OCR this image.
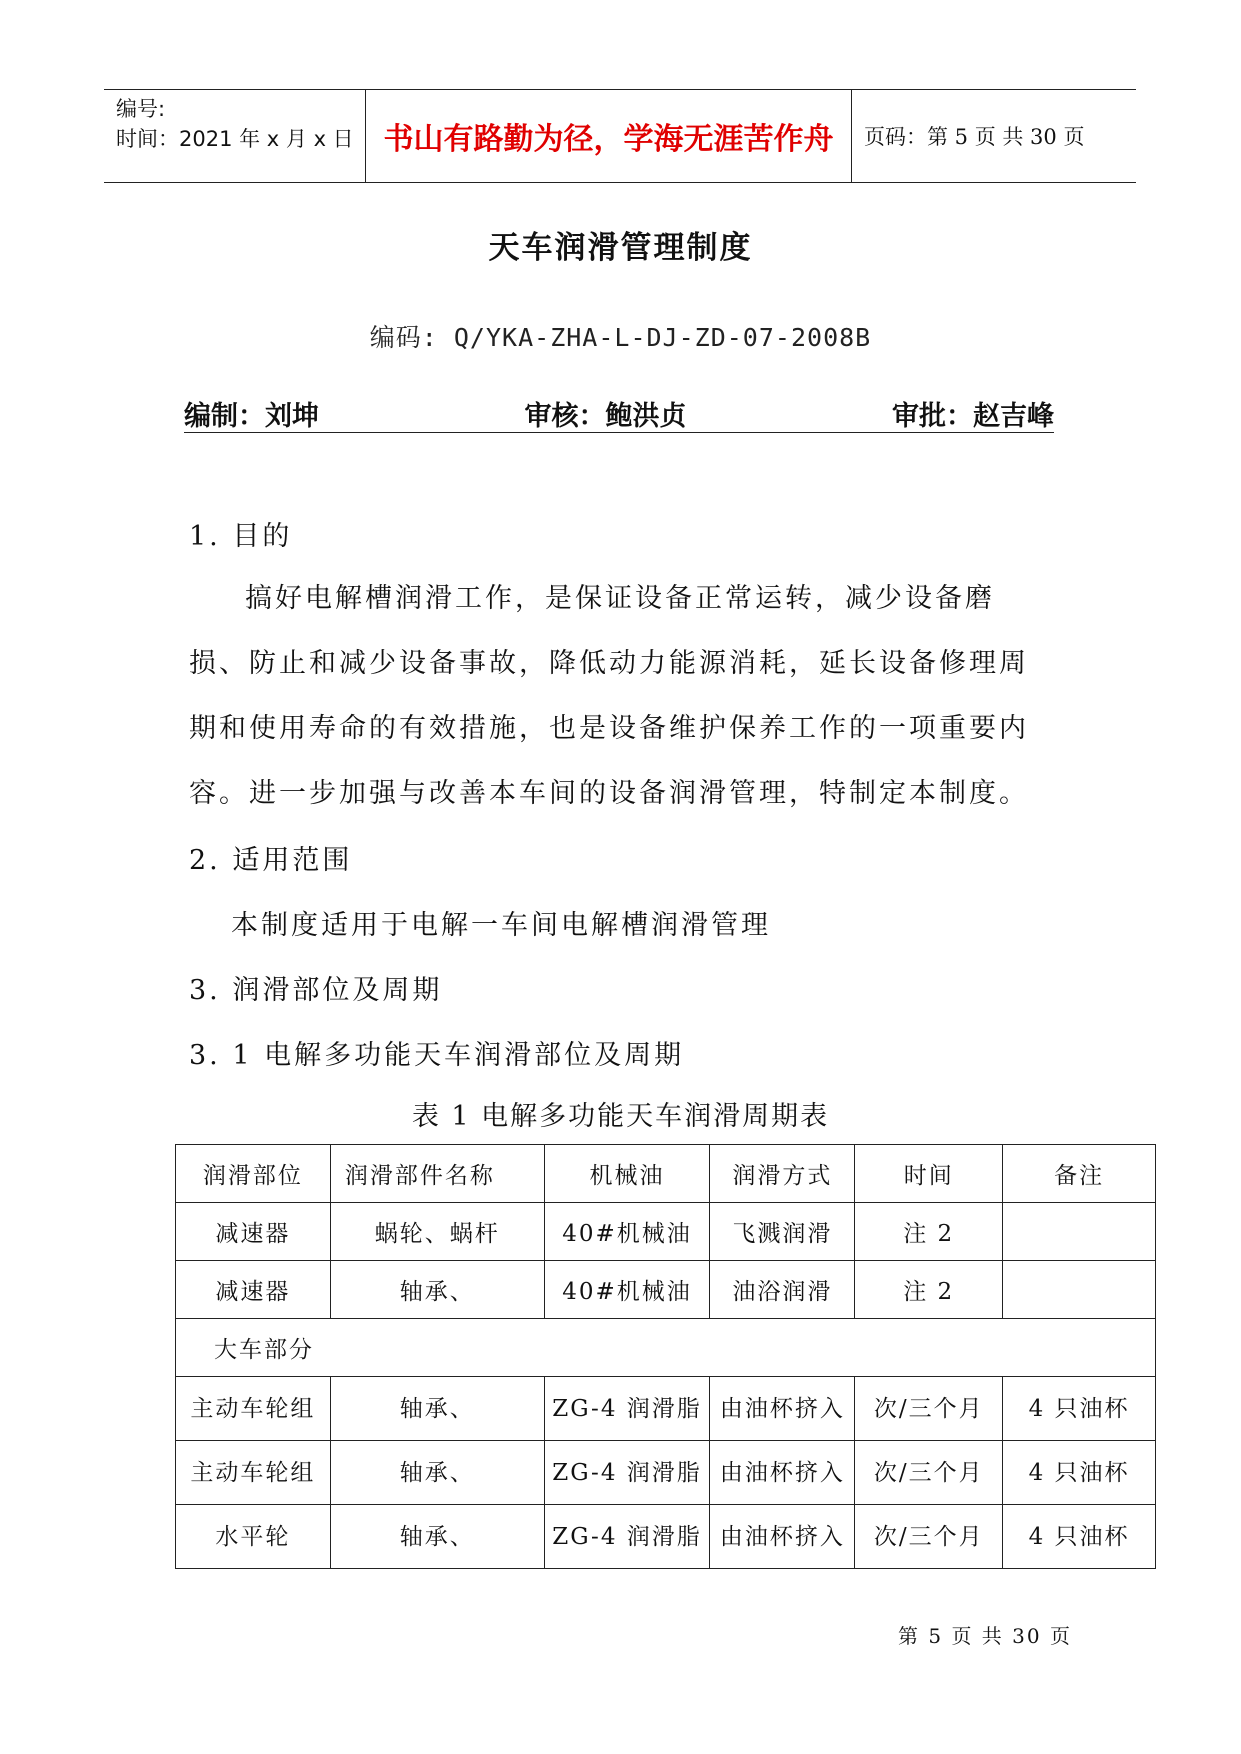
编号:
时间：2021 年 x 月 x 日 书山有路勤为径，学海无涯苦作舟	页码：第 5 页 共 30 页
天车润滑管理制度
编码: Q/YKA-ZHA-L-DJ-ZD-07-2008B
编制：刘坤	审核：鲍洪贞	审批：赵吉峰
1. 目的
搞好电解槽润滑工作，是保证设备正常运转，减少设备磨损、防止和减少设备事故，降低动力能源消耗，延长设备修理周期和使用寿命的有效措施，也是设备维护保养工作的一项重要内容。进一步加强与改善本车间的设备润滑管理，特制定本制度。
2. 适用范围
本制度适用于电解一车间电解槽润滑管理
3. 润滑部位及周期
3. 1 电解多功能天车润滑部位及周期
表 1 电解多功能天车润滑周期表
润滑部位	润滑部件名称	机械油	润滑方式	时间	备注
减速器	蜗轮、蜗杆	40#机械油	飞溅润滑	注 2	
减速器	轴承、	40#机械油	油浴润滑	注 2	
大车部分					
主动车轮组	轴承、	ZG-4 润滑脂	由油杯挤入	次/三个月	4 只油杯
主动车轮组	轴承、	ZG-4 润滑脂	由油杯挤入	次/三个月	4 只油杯
水平轮	轴承、	ZG-4 润滑脂	由油杯挤入	次/三个月	4 只油杯
第 5 页 共 30 页
